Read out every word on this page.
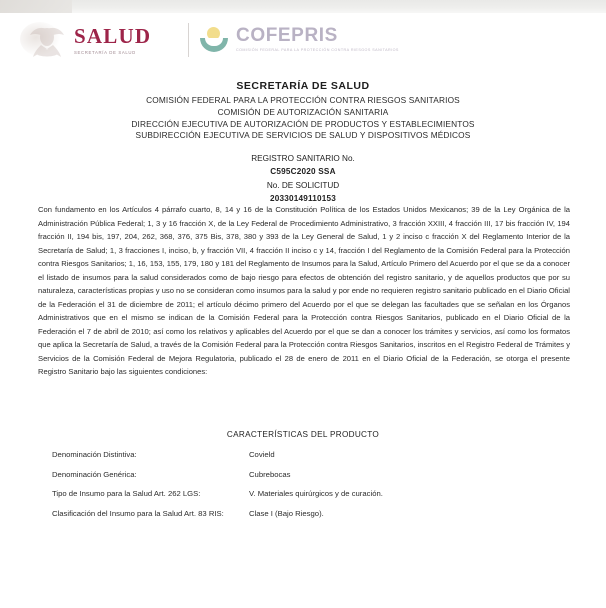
SALUD
SECRETARÍA DE SALUD
COFEPRIS
COMISIÓN FEDERAL PARA LA PROTECCIÓN CONTRA RIESGOS SANITARIOS
SECRETARÍA DE SALUD
COMISIÓN FEDERAL PARA LA PROTECCIÓN CONTRA RIESGOS SANITARIOS
COMISIÓN DE AUTORIZACIÓN SANITARIA
DIRECCIÓN EJECUTIVA DE AUTORIZACIÓN DE PRODUCTOS Y ESTABLECIMIENTOS
SUBDIRECCIÓN EJECUTIVA DE SERVICIOS DE SALUD Y DISPOSITIVOS MÉDICOS
REGISTRO SANITARIO No.
C595C2020 SSA
No. DE SOLICITUD
20330149110153
Con fundamento en los Artículos 4 párrafo cuarto, 8, 14 y 16 de la Constitución Política de los Estados Unidos Mexicanos; 39 de la Ley Orgánica de la Administración Pública Federal; 1, 3 y 16 fracción X, de la Ley Federal de Procedimiento Administrativo, 3 fracción XXIII, 4 fracción III, 17 bis fracción IV, 194 fracción II, 194 bis, 197, 204, 262, 368, 376, 375 Bis, 378, 380 y 393 de la Ley General de Salud, 1 y 2 inciso c fracción X del Reglamento Interior de la Secretaría de Salud; 1, 3 fracciones I, inciso, b, y fracción VII, 4 fracción II inciso c y 14, fracción I del Reglamento de la Comisión Federal para la Protección contra Riesgos Sanitarios; 1, 16, 153, 155, 179, 180 y 181 del Reglamento de Insumos para la Salud, Artículo Primero del Acuerdo por el que se da a conocer el listado de insumos para la salud considerados como de bajo riesgo para efectos de obtención del registro sanitario, y de aquellos productos que por su naturaleza, características propias y uso no se consideran como insumos para la salud y por ende no requieren registro sanitario publicado en el Diario Oficial de la Federación el 31 de diciembre de 2011; el artículo décimo primero del Acuerdo por el que se delegan las facultades que se señalan en los Órganos Administrativos que en el mismo se indican de la Comisión Federal para la Protección contra Riesgos Sanitarios, publicado en el Diario Oficial de la Federación el 7 de abril de 2010; así como los relativos y aplicables del Acuerdo por el que se dan a conocer los trámites y servicios, así como los formatos que aplica la Secretaría de Salud, a través de la Comisión Federal para la Protección contra Riesgos Sanitarios, inscritos en el Registro Federal de Trámites y Servicios de la Comisión Federal de Mejora Regulatoria, publicado el 28 de enero de 2011 en el Diario Oficial de la Federación, se otorga el presente Registro Sanitario bajo las siguientes condiciones:
CARACTERÍSTICAS DEL PRODUCTO
Denominación Distintiva:	Covield
Denominación Genérica:	Cubrebocas
Tipo de Insumo para la Salud Art. 262 LGS:	V. Materiales quirúrgicos y de curación.
Clasificación del Insumo para la Salud Art. 83 RIS:	Clase I (Bajo Riesgo).
